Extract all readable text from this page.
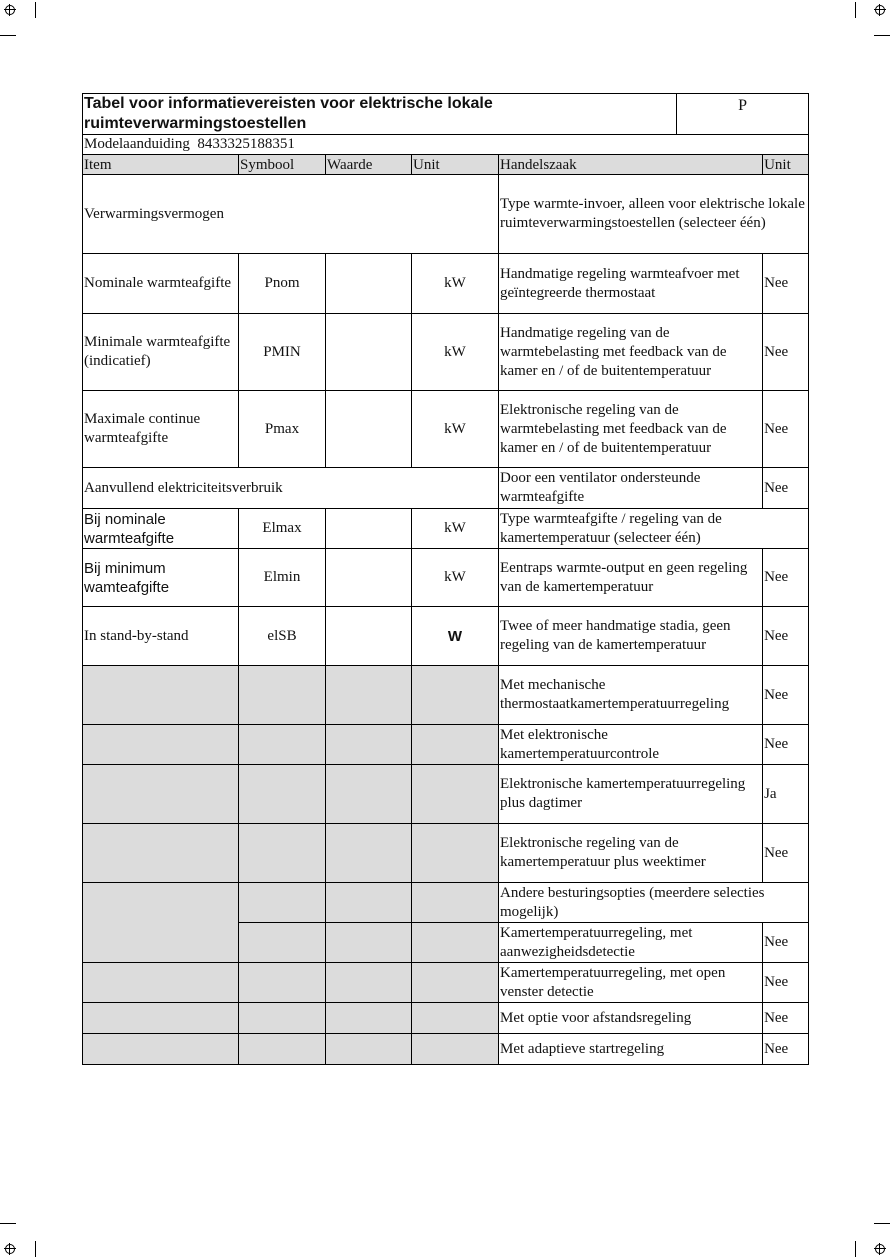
Tabel voor informatievereisten voor elektrische lokale ruimteverwarmingstoestellen					P	
Modelaanduiding 8433325188351						
Item	Symbool	Waarde	Unit	Handelszaak		Unit
Verwarmingsvermogen				Type warmte-invoer, alleen voor elektrische lokale ruimteverwarmingstoestellen (selecteer één)		
Nominale warmteafgifte	Pnom		kW	Handmatige regeling warmteafvoer met geïntegreerde thermostaat		Nee
Minimale warmteafgifte (indicatief)	PMIN		kW	Handmatige regeling van de warmtebelasting met feedback van de kamer en / of de buitentemperatuur		Nee
Maximale continue warmteafgifte	Pmax		kW	Elektronische regeling van de warmtebelasting met feedback van de kamer en / of de buitentemperatuur		Nee
Aanvullend elektriciteitsverbruik				Door een ventilator ondersteunde warmteafgifte		Nee
Bij nominale warmteafgifte	Elmax		kW	Type warmteafgifte / regeling van de kamertemperatuur (selecteer één)		
Bij minimum wamteafgifte	Elmin		kW	Eentraps warmte-output en geen regeling van de kamertemperatuur		Nee
In stand-by-stand	elSB		W	Twee of meer handmatige stadia, geen regeling van de kamertemperatuur		Nee
				Met mechanische thermostaatkamertemperatuurregeling		Nee
				Met elektronische kamertemperatuurcontrole		Nee
				Elektronische kamertemperatuurregeling plus dagtimer		Ja
				Elektronische regeling van de kamertemperatuur plus weektimer		Nee
				Andere besturingsopties (meerdere selecties mogelijk)		
				Kamertemperatuurregeling, met aanwezigheidsdetectie		Nee
				Kamertemperatuurregeling, met open venster detectie		Nee
				Met optie voor afstandsregeling		Nee
				Met adaptieve startregeling		Nee
